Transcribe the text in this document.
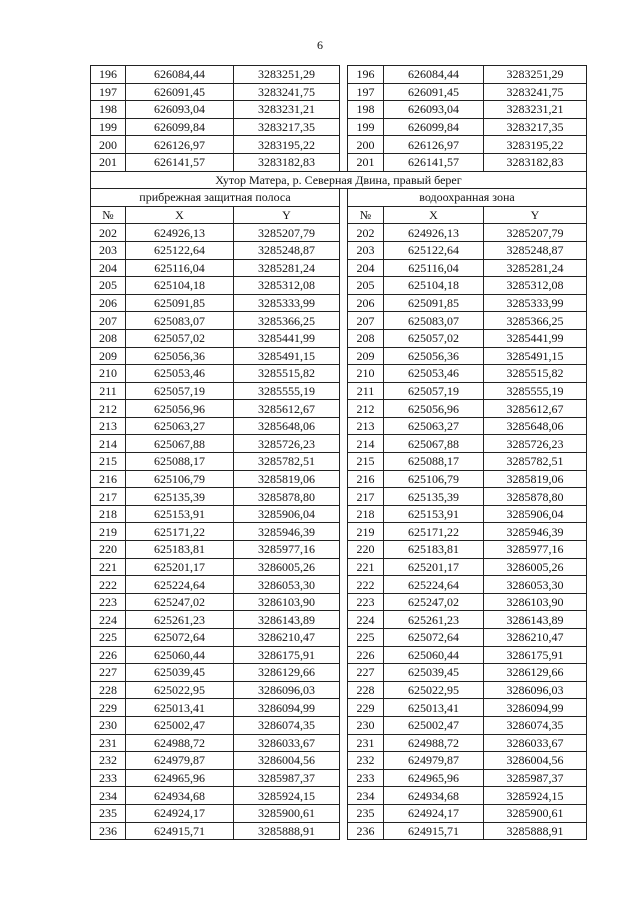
6
196	626084,44	3283251,29		196	626084,44	3283251,29
197	626091,45	3283241,75		197	626091,45	3283241,75
198	626093,04	3283231,21		198	626093,04	3283231,21
199	626099,84	3283217,35		199	626099,84	3283217,35
200	626126,97	3283195,22		200	626126,97	3283195,22
201	626141,57	3283182,83		201	626141,57	3283182,83
Хутор Матера, р. Северная Двина, правый берег						
прибрежная защитная полоса				водоохранная зона		
№	X	Y		№	X	Y
202	624926,13	3285207,79		202	624926,13	3285207,79
203	625122,64	3285248,87		203	625122,64	3285248,87
204	625116,04	3285281,24		204	625116,04	3285281,24
205	625104,18	3285312,08		205	625104,18	3285312,08
206	625091,85	3285333,99		206	625091,85	3285333,99
207	625083,07	3285366,25		207	625083,07	3285366,25
208	625057,02	3285441,99		208	625057,02	3285441,99
209	625056,36	3285491,15		209	625056,36	3285491,15
210	625053,46	3285515,82		210	625053,46	3285515,82
211	625057,19	3285555,19		211	625057,19	3285555,19
212	625056,96	3285612,67		212	625056,96	3285612,67
213	625063,27	3285648,06		213	625063,27	3285648,06
214	625067,88	3285726,23		214	625067,88	3285726,23
215	625088,17	3285782,51		215	625088,17	3285782,51
216	625106,79	3285819,06		216	625106,79	3285819,06
217	625135,39	3285878,80		217	625135,39	3285878,80
218	625153,91	3285906,04		218	625153,91	3285906,04
219	625171,22	3285946,39		219	625171,22	3285946,39
220	625183,81	3285977,16		220	625183,81	3285977,16
221	625201,17	3286005,26		221	625201,17	3286005,26
222	625224,64	3286053,30		222	625224,64	3286053,30
223	625247,02	3286103,90		223	625247,02	3286103,90
224	625261,23	3286143,89		224	625261,23	3286143,89
225	625072,64	3286210,47		225	625072,64	3286210,47
226	625060,44	3286175,91		226	625060,44	3286175,91
227	625039,45	3286129,66		227	625039,45	3286129,66
228	625022,95	3286096,03		228	625022,95	3286096,03
229	625013,41	3286094,99		229	625013,41	3286094,99
230	625002,47	3286074,35		230	625002,47	3286074,35
231	624988,72	3286033,67		231	624988,72	3286033,67
232	624979,87	3286004,56		232	624979,87	3286004,56
233	624965,96	3285987,37		233	624965,96	3285987,37
234	624934,68	3285924,15		234	624934,68	3285924,15
235	624924,17	3285900,61		235	624924,17	3285900,61
236	624915,71	3285888,91		236	624915,71	3285888,91
